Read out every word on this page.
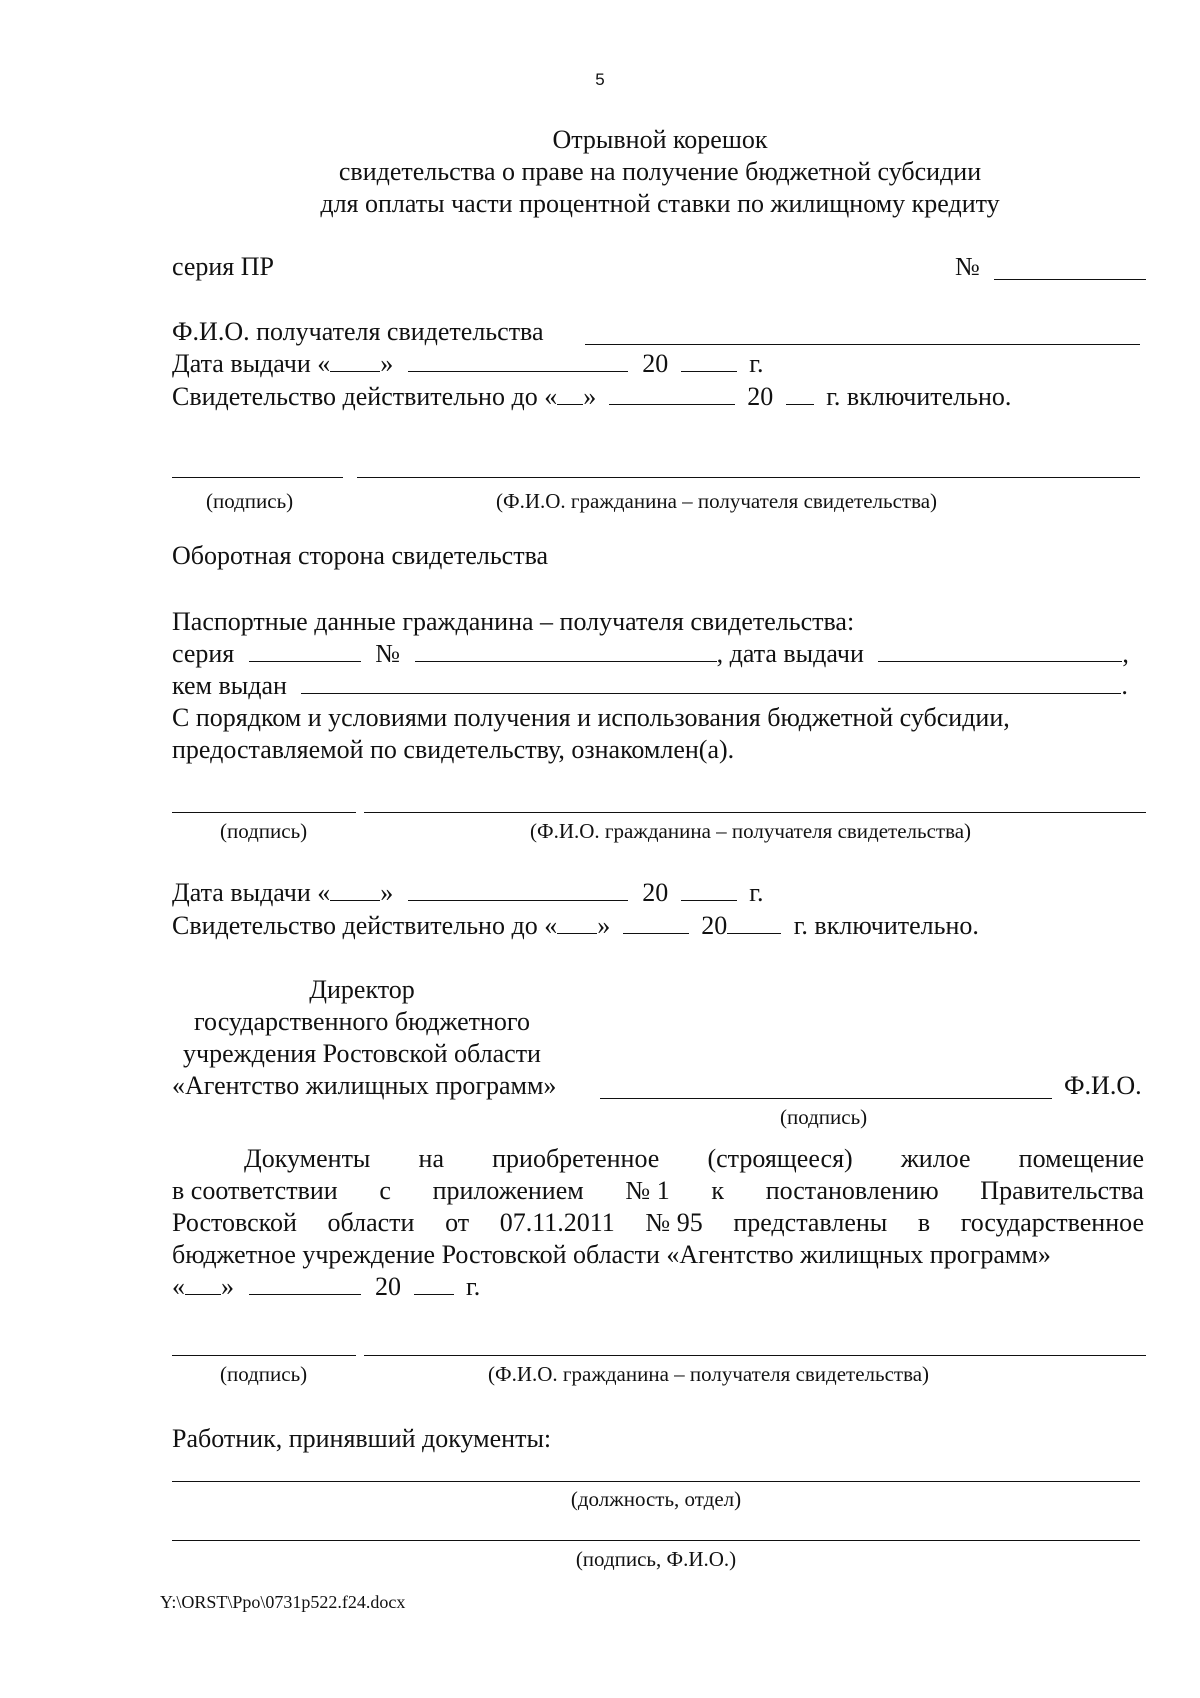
5
Отрывной корешок
свидетельства о праве на получение бюджетной субсидии
для оплаты части процентной ставки по жилищному кредиту
серия ПР	№
Ф.И.О. получателя свидетельства
Дата выдачи « »	20	г.
Свидетельство действительно до « »	20 г. включительно.
(подпись)	(Ф.И.О. гражданина – получателя свидетельства)
Оборотная сторона свидетельства
Паспортные данные гражданина – получателя свидетельства:
серия	№	, дата выдачи	,
кем выдан	.
С порядком и условиями получения и использования бюджетной субсидии,
предоставляемой по свидетельству, ознакомлен(а).
(подпись)	(Ф.И.О. гражданина – получателя свидетельства)
Дата выдачи « »	20	г.
Свидетельство действительно до « »	20	г. включительно.
Директор
государственного бюджетного
учреждения Ростовской области
«Агентство жилищных программ»	Ф.И.О.
(подпись)
Документы на приобретенное (строящееся) жилое помещение
в соответствии с приложением № 1 к постановлению Правительства
Ростовской области от 07.11.2011 № 95 представлены в государственное
бюджетное учреждение Ростовской области «Агентство жилищных программ»
« »	20	г.
(подпись)	(Ф.И.О. гражданина – получателя свидетельства)
Работник, принявший документы:
(должность, отдел)
(подпись, Ф.И.О.)
Y:\ORST\Ppo\0731p522.f24.docx
